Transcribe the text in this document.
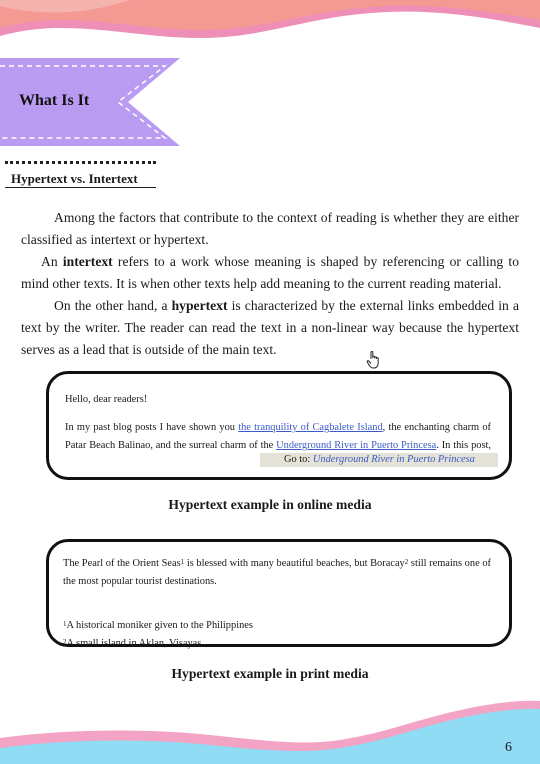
What Is It
Hypertext vs. Intertext

Among the factors that contribute to the context of reading is whether they are either classified as intertext or hypertext.

An intertext refers to a work whose meaning is shaped by referencing or calling to mind other texts. It is when other texts help add meaning to the current reading material.

On the other hand, a hypertext is characterized by the external links embedded in a text by the writer. The reader can read the text in a non-linear way because the hypertext serves as a lead that is outside of the main text.

Hello, dear readers!

In my past blog posts I have shown you the tranquility of Cagbalete Island, the enchanting charm of Patar Beach Balinao, and the surreal charm of the Underground River in Puerto Princesa. In this post,

Go to: Underground River in Puerto Princesa
Hypertext example in online media

The Pearl of the Orient Seas$^1$ is blessed with many beautiful beaches, but Boracay$^2$ still remains one of the most popular tourist destinations.

$^1$A historical moniker given to the Philippines

$^2$A small island in Aklan, Visayas

Hypertext example in print media
6
